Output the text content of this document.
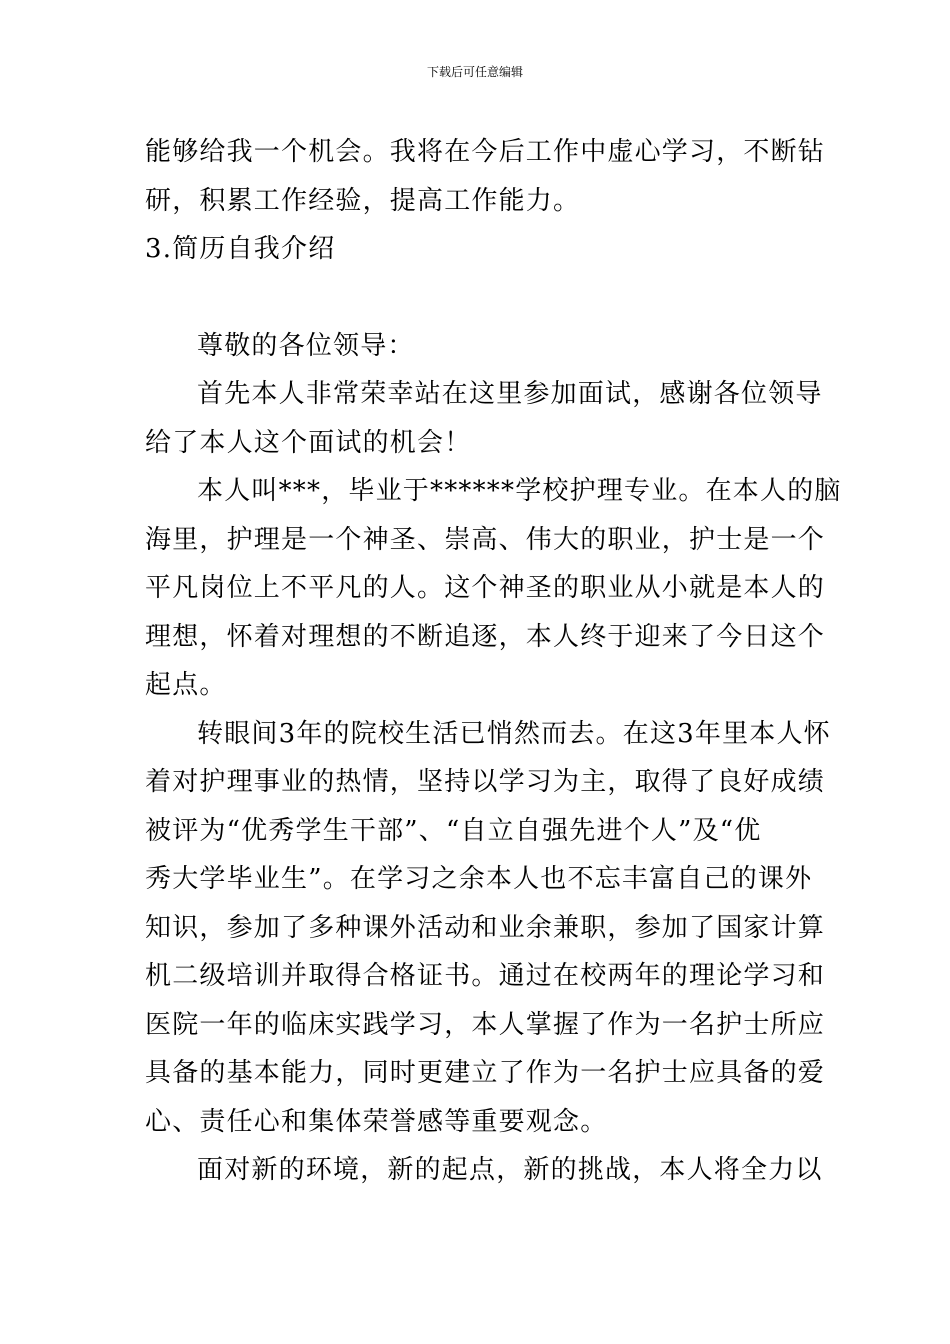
下载后可任意编辑
能够给我一个机会。我将在今后工作中虚心学习，不断钻
研，积累工作经验，提高工作能力。
3.简历自我介绍
尊敬的各位领导：
首先本人非常荣幸站在这里参加面试，感谢各位领导
给了本人这个面试的机会！
本人叫***，毕业于******学校护理专业。在本人的脑
海里，护理是一个神圣、崇高、伟大的职业，护士是一个
平凡岗位上不平凡的人。这个神圣的职业从小就是本人的
理想，怀着对理想的不断追逐，本人终于迎来了今日这个
起点。
转眼间3年的院校生活已悄然而去。在这3年里本人怀
着对护理事业的热情，坚持以学习为主，取得了良好成绩
被评为“优秀学生干部”、“自立自强先进个人”及“优
秀大学毕业生”。在学习之余本人也不忘丰富自己的课外
知识，参加了多种课外活动和业余兼职，参加了国家计算
机二级培训并取得合格证书。通过在校两年的理论学习和
医院一年的临床实践学习，本人掌握了作为一名护士所应
具备的基本能力，同时更建立了作为一名护士应具备的爱
心、责任心和集体荣誉感等重要观念。
面对新的环境，新的起点，新的挑战，本人将全力以
